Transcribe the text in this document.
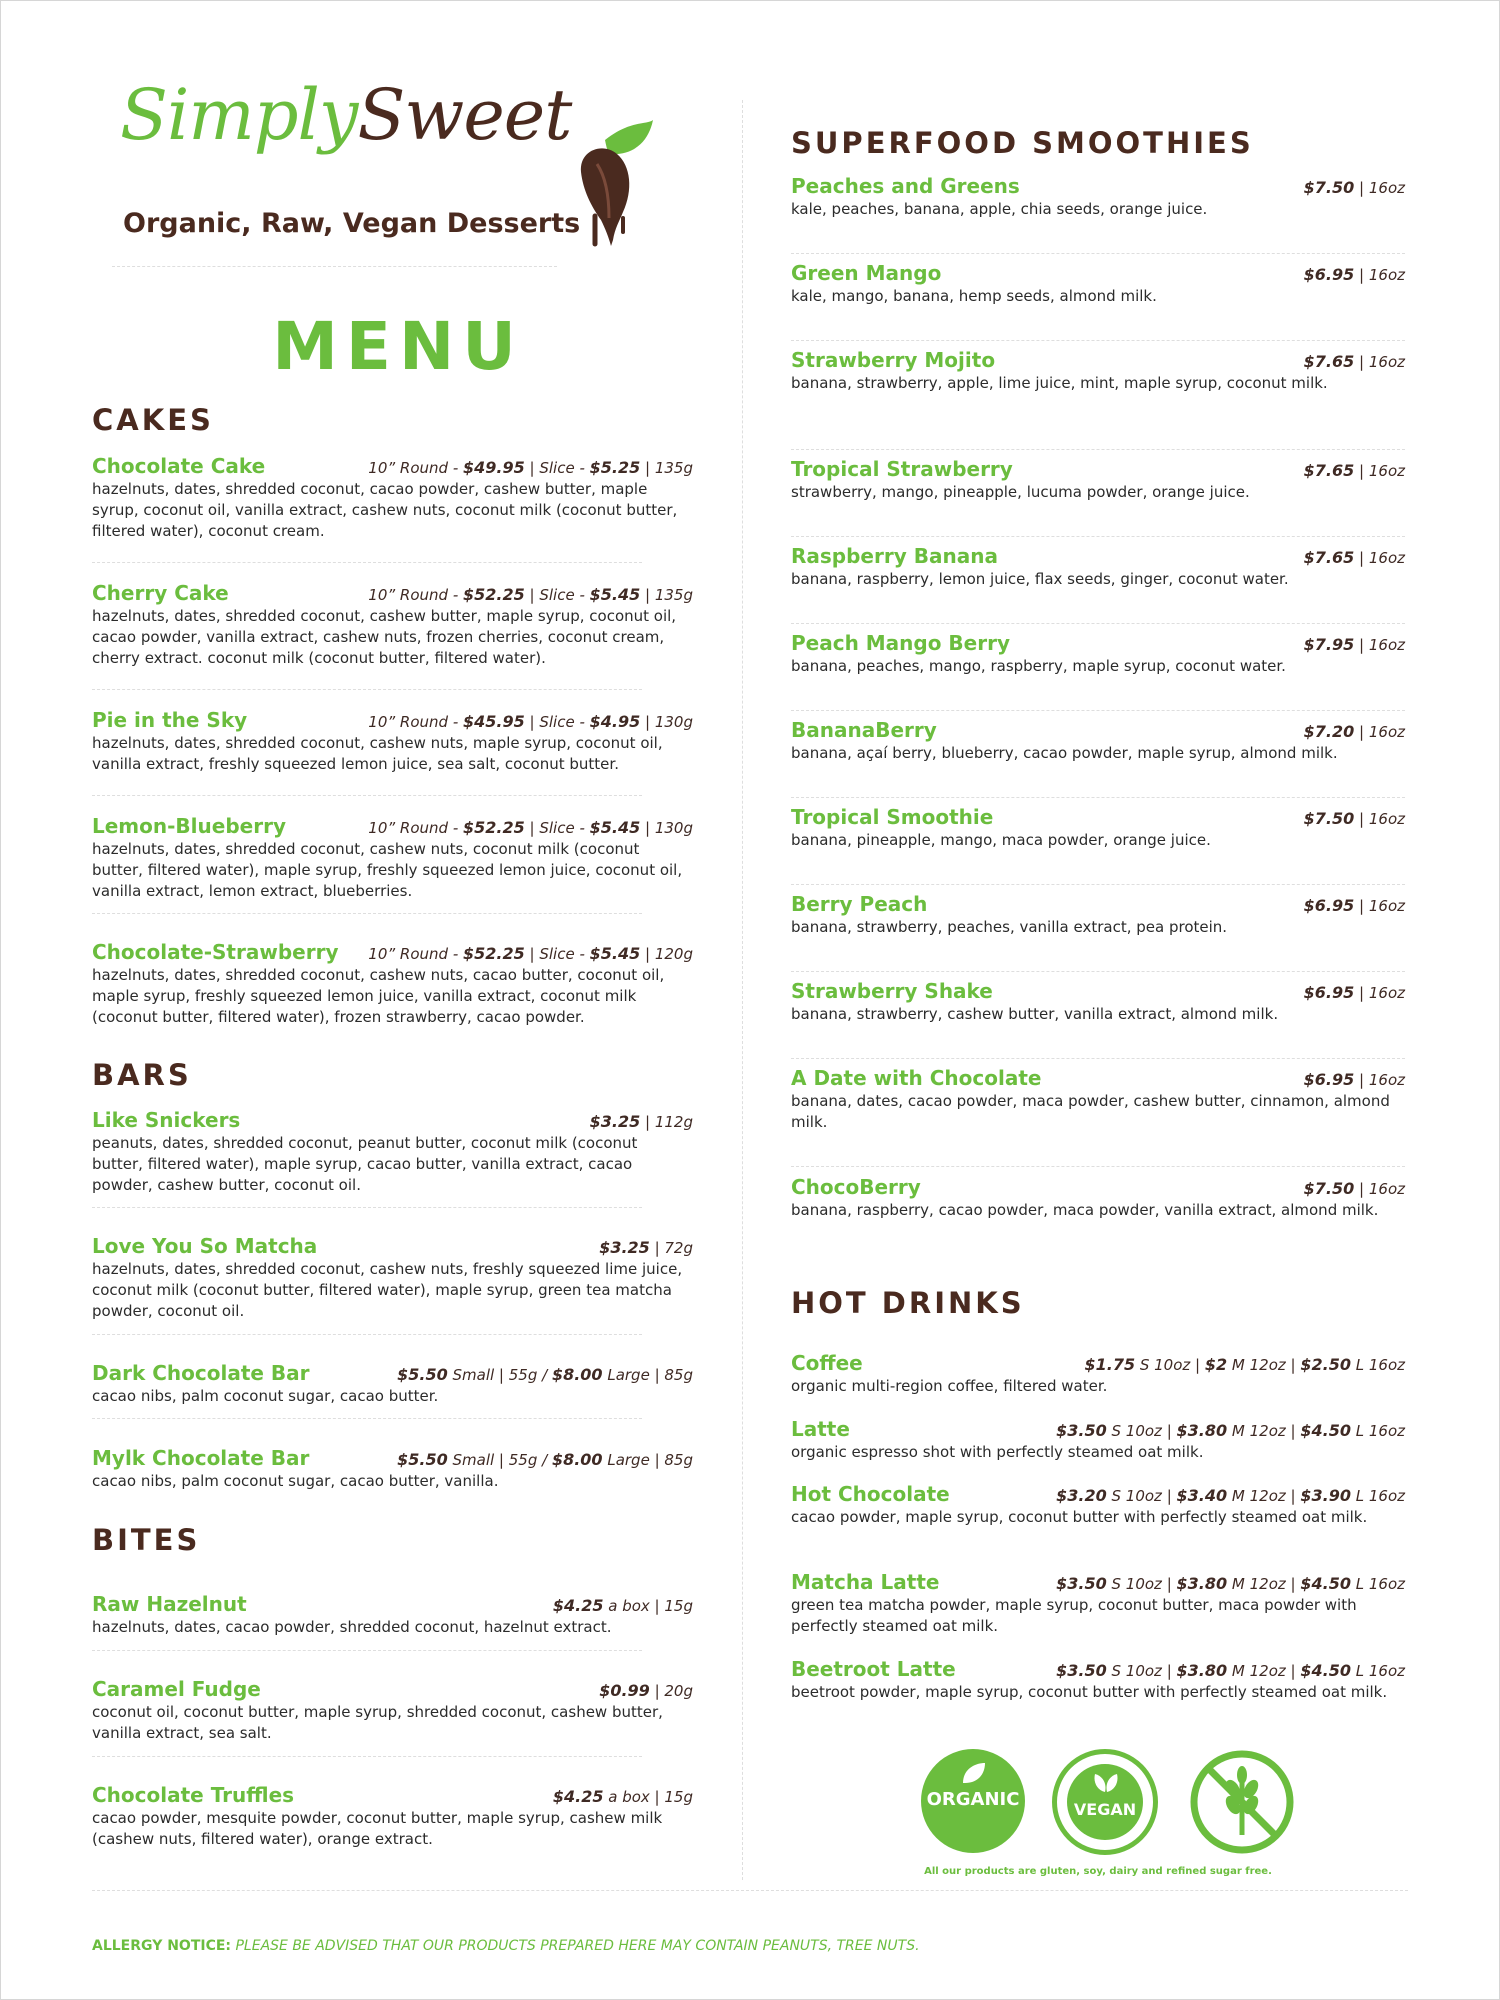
SimplySweet
Organic, Raw, Vegan Desserts
MENU
CAKES
Chocolate Cake	10” Round - $49.95 | Slice - $5.25 | 135g
hazelnuts, dates, shredded coconut, cacao powder, cashew butter, maple syrup, coconut oil, vanilla extract, cashew nuts, coconut milk (coconut butter, filtered water), coconut cream.
Cherry Cake	10” Round - $52.25 | Slice - $5.45 | 135g
hazelnuts, dates, shredded coconut, cashew butter, maple syrup, coconut oil, cacao powder, vanilla extract, cashew nuts, frozen cherries, coconut cream, cherry extract. coconut milk (coconut butter, filtered water).
Pie in the Sky	10” Round - $45.95 | Slice - $4.95 | 130g
hazelnuts, dates, shredded coconut, cashew nuts, maple syrup, coconut oil, vanilla extract, freshly squeezed lemon juice, sea salt, coconut butter.
Lemon-Blueberry	10” Round - $52.25 | Slice - $5.45 | 130g
hazelnuts, dates, shredded coconut, cashew nuts, coconut milk (coconut butter, filtered water), maple syrup, freshly squeezed lemon juice, coconut oil, vanilla extract, lemon extract, blueberries.
Chocolate-Strawberry 10” Round - $52.25 | Slice - $5.45 | 120g
hazelnuts, dates, shredded coconut, cashew nuts, cacao butter, coconut oil, maple syrup, freshly squeezed lemon juice, vanilla extract, coconut milk (coconut butter, filtered water), frozen strawberry, cacao powder.
BARS
Like Snickers	$3.25 | 112g
peanuts, dates, shredded coconut, peanut butter, coconut milk (coconut butter, filtered water), maple syrup, cacao butter, vanilla extract, cacao powder, cashew butter, coconut oil.
Love You So Matcha	$3.25 | 72g
hazelnuts, dates, shredded coconut, cashew nuts, freshly squeezed lime juice, coconut milk (coconut butter, filtered water), maple syrup, green tea matcha powder, coconut oil.
Dark Chocolate Bar	$5.50 Small | 55g / $8.00 Large | 85g
cacao nibs, palm coconut sugar, cacao butter.
Mylk Chocolate Bar	$5.50 Small | 55g / $8.00 Large | 85g
cacao nibs, palm coconut sugar, cacao butter, vanilla.
BITES
Raw Hazelnut	$4.25 a box | 15g
hazelnuts, dates, cacao powder, shredded coconut, hazelnut extract.
Caramel Fudge	$0.99 | 20g
coconut oil, coconut butter, maple syrup, shredded coconut, cashew butter, vanilla extract, sea salt.
Chocolate Truffles	$4.25 a box | 15g
cacao powder, mesquite powder, coconut butter, maple syrup, cashew milk (cashew nuts, filtered water), orange extract.
SUPERFOOD SMOOTHIES
Peaches and Greens	$7.50 | 16oz
kale, peaches, banana, apple, chia seeds, orange juice.
Green Mango	$6.95 | 16oz
kale, mango, banana, hemp seeds, almond milk.
Strawberry Mojito	$7.65 | 16oz
banana, strawberry, apple, lime juice, mint, maple syrup, coconut milk.
Tropical Strawberry	$7.65 | 16oz
strawberry, mango, pineapple, lucuma powder, orange juice.
Raspberry Banana	$7.65 | 16oz
banana, raspberry, lemon juice, flax seeds, ginger, coconut water.
Peach Mango Berry	$7.95 | 16oz
banana, peaches, mango, raspberry, maple syrup, coconut water.
BananaBerry	$7.20 | 16oz
banana, açaí berry, blueberry, cacao powder, maple syrup, almond milk.
Tropical Smoothie	$7.50 | 16oz
banana, pineapple, mango, maca powder, orange juice.
Berry Peach	$6.95 | 16oz
banana, strawberry, peaches, vanilla extract, pea protein.
Strawberry Shake	$6.95 | 16oz
banana, strawberry, cashew butter, vanilla extract, almond milk.
A Date with Chocolate	$6.95 | 16oz
banana, dates, cacao powder, maca powder, cashew butter, cinnamon, almond milk.
ChocoBerry	$7.50 | 16oz
banana, raspberry, cacao powder, maca powder, vanilla extract, almond milk.
HOT DRINKS
Coffee	$1.75 S 10oz | $2 M 12oz | $2.50 L 16oz
organic multi-region coffee, filtered water.
Latte	$3.50 S 10oz | $3.80 M 12oz | $4.50 L 16oz
organic espresso shot with perfectly steamed oat milk.
Hot Chocolate	$3.20 S 10oz | $3.40 M 12oz | $3.90 L 16oz
cacao powder, maple syrup, coconut butter with perfectly steamed oat milk.
Matcha Latte	$3.50 S 10oz | $3.80 M 12oz | $4.50 L 16oz
green tea matcha powder, maple syrup, coconut butter, maca powder with perfectly steamed oat milk.
Beetroot Latte	$3.50 S 10oz | $3.80 M 12oz | $4.50 L 16oz
beetroot powder, maple syrup, coconut butter with perfectly steamed oat milk.
ORGANIC	VEGAN
All our products are gluten, soy, dairy and refined sugar free.
ALLERGY NOTICE: PLEASE BE ADVISED THAT OUR PRODUCTS PREPARED HERE MAY CONTAIN PEANUTS, TREE NUTS.
